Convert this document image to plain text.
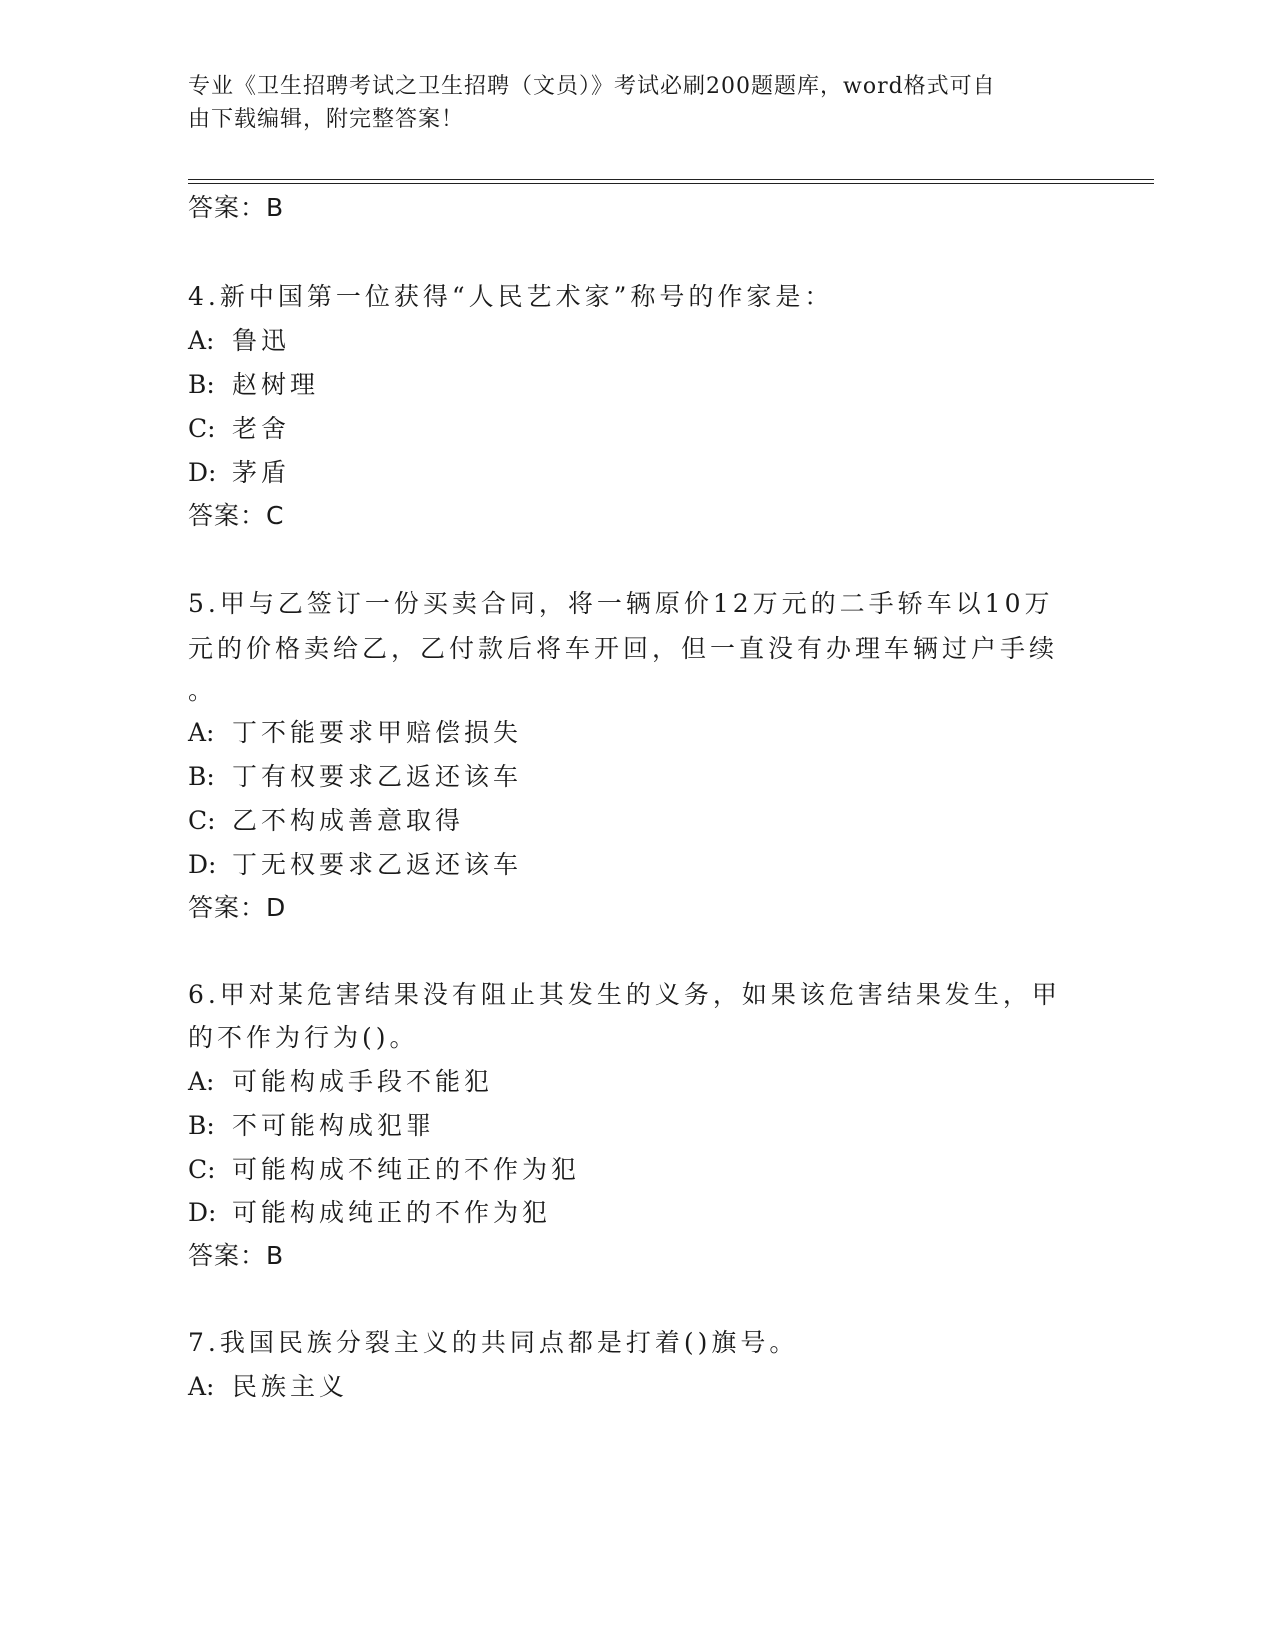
专业《卫生招聘考试之卫生招聘（文员）》考试必刷200题题库，word格式可自
由下载编辑，附完整答案！
答案：B
4.新中国第一位获得“人民艺术家”称号的作家是：
A: 鲁迅
B: 赵树理
C: 老舍
D: 茅盾
答案：C
5.甲与乙签订一份买卖合同，将一辆原价12万元的二手轿车以10万
元的价格卖给乙，乙付款后将车开回，但一直没有办理车辆过户手续
。
A: 丁不能要求甲赔偿损失
B: 丁有权要求乙返还该车
C: 乙不构成善意取得
D: 丁无权要求乙返还该车
答案：D
6.甲对某危害结果没有阻止其发生的义务，如果该危害结果发生，甲
的不作为行为()。
A: 可能构成手段不能犯
B: 不可能构成犯罪
C: 可能构成不纯正的不作为犯
D: 可能构成纯正的不作为犯
答案：B
7.我国民族分裂主义的共同点都是打着()旗号。
A: 民族主义
